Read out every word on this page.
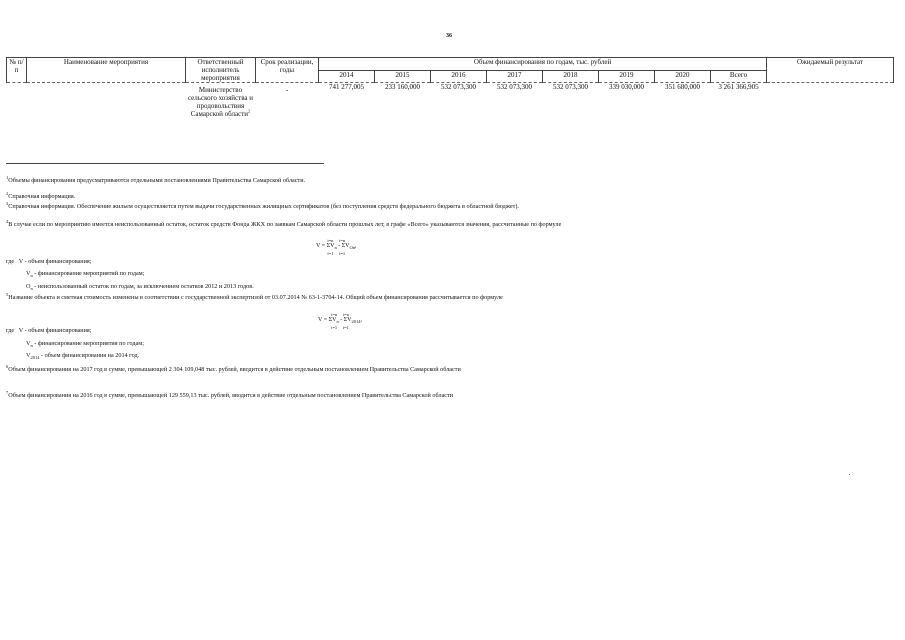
36
№ п/п	Наименование мероприятия	Ответственный исполнитель мероприятия	Срок реализации, годы	Объем финансирования по годам, тыс. рублей								Ожидаемый результат
				2014	2015	2016	2017	2018	2019	2020	Всего	
		Министерство сельского хозяйства и продовольствия Самарской области$^2$	-	741 277,005	233 160,000	532 073,300	532 073,300	532 073,300	339 030,000	351 680,000	3 261 366,905	
$^1$Объемы финансирования предусматриваются отдельными постановлениями Правительства Самарской области.
$^2$Справочная информация.
$^3$Справочная информация. Обеспечение жильем осуществляется путем выдачи государственных жилищных сертификатов (без поступления средств федерального бюджета в областной бюджет).
$^4$В случае если по мероприятию имеется неиспользованный остаток, остаток средств Фонда ЖКХ по заявкам Самарской области прошлых лет, в графе «Всего» указываются значения, рассчитанные по формуле
i=n i=n
$V = \Sigma V_n - \Sigma V_{On}$,
i=1 i=1
где V - объем финансирования;
$V_n$ - финансирование мероприятий по годам;
$O_n$ - неиспользованный остаток по годам, за исключением остатков 2012 и 2013 годов.
$^5$Название объекта и сметная стоимость изменены в соответствии с государственной экспертизой от 03.07.2014 № 63-1-3704-14. Общий объем финансирования рассчитывается по формуле
i=n i=n
$V = \Sigma V_n - \Sigma V_{2014}$,
i=1 i=1
где V - объем финансирования;
$V_n$ - финансирование мероприятия по годам;
$V_{2014}$ - объем финансирования на 2014 год.
$^6$Объем финансирования на 2017 год в сумме, превышающей 2 304 109,048 тыс. рублей, вводится в действие отдельным постановлением Правительства Самарской области
$^7$Объем финансирования на 2016 год в сумме, превышающей 129 559,13 тыс. рублей, вводится в действие отдельным постановлением Правительства Самарской области
